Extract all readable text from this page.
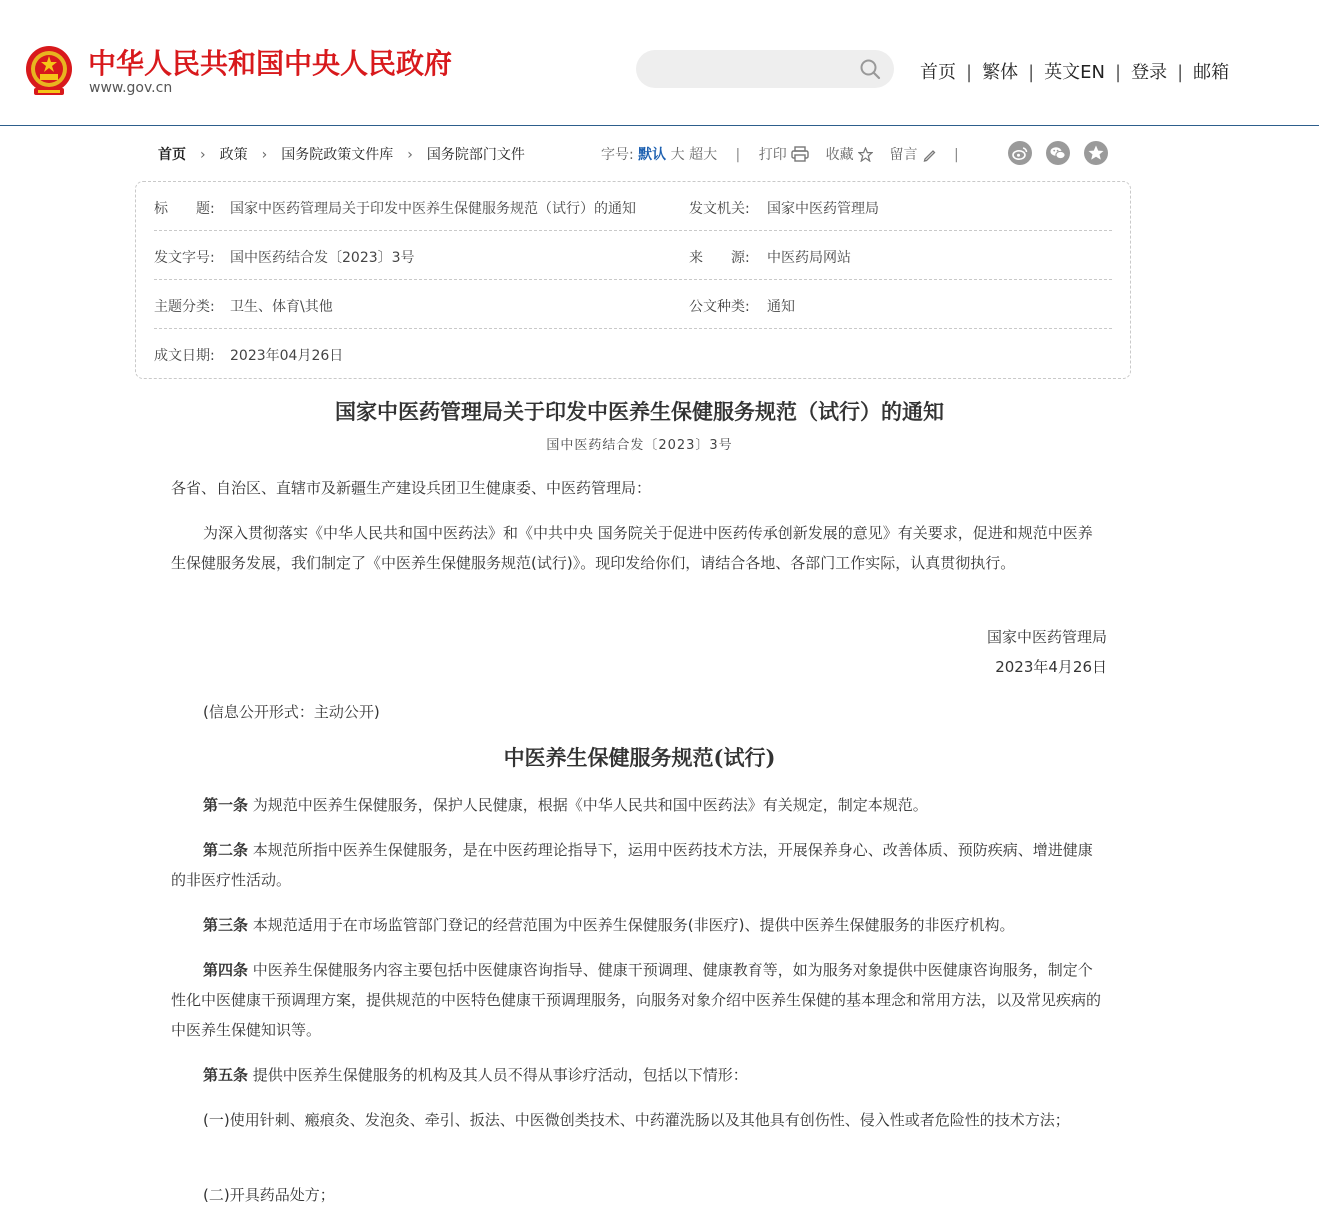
中华人民共和国中央人民政府
www.gov.cn
首页 | 繁体 | 英文EN | 登录 | 邮箱
首页 › 政策 › 国务院政策文件库 › 国务院部门文件	字号: 默认 大 超大 | 打印	收藏	留言	|
标　　题: 国家中医药管理局关于印发中医养生保健服务规范（试行）的通知	发文机关: 国家中医药管理局
发文字号: 国中医药结合发〔2023〕3号	来　　源: 中医药局网站
主题分类: 卫生、体育\其他	公文种类: 通知
成文日期: 2023年04月26日
国家中医药管理局关于印发中医养生保健服务规范（试行）的通知
国中医药结合发〔2023〕3号

各省、自治区、直辖市及新疆生产建设兵团卫生健康委、中医药管理局：

为深入贯彻落实《中华人民共和国中医药法》和《中共中央 国务院关于促进中医药传承创新发展的意见》有关要求，促进和规范中医养生保健服务发展，我们制定了《中医养生保健服务规范(试行)》。现印发给你们，请结合各地、各部门工作实际，认真贯彻执行。

国家中医药管理局

2023年4月26日

(信息公开形式：主动公开)

中医养生保健服务规范(试行)

第一条 为规范中医养生保健服务，保护人民健康，根据《中华人民共和国中医药法》有关规定，制定本规范。

第二条 本规范所指中医养生保健服务，是在中医药理论指导下，运用中医药技术方法，开展保养身心、改善体质、预防疾病、增进健康的非医疗性活动。

第三条 本规范适用于在市场监管部门登记的经营范围为中医养生保健服务(非医疗)、提供中医养生保健服务的非医疗机构。

第四条 中医养生保健服务内容主要包括中医健康咨询指导、健康干预调理、健康教育等，如为服务对象提供中医健康咨询服务，制定个性化中医健康干预调理方案，提供规范的中医特色健康干预调理服务，向服务对象介绍中医养生保健的基本理念和常用方法，以及常见疾病的中医养生保健知识等。

第五条 提供中医养生保健服务的机构及其人员不得从事诊疗活动，包括以下情形：

(一)使用针刺、瘢痕灸、发泡灸、牵引、扳法、中医微创类技术、中药灌洗肠以及其他具有创伤性、侵入性或者危险性的技术方法；

(二)开具药品处方；
